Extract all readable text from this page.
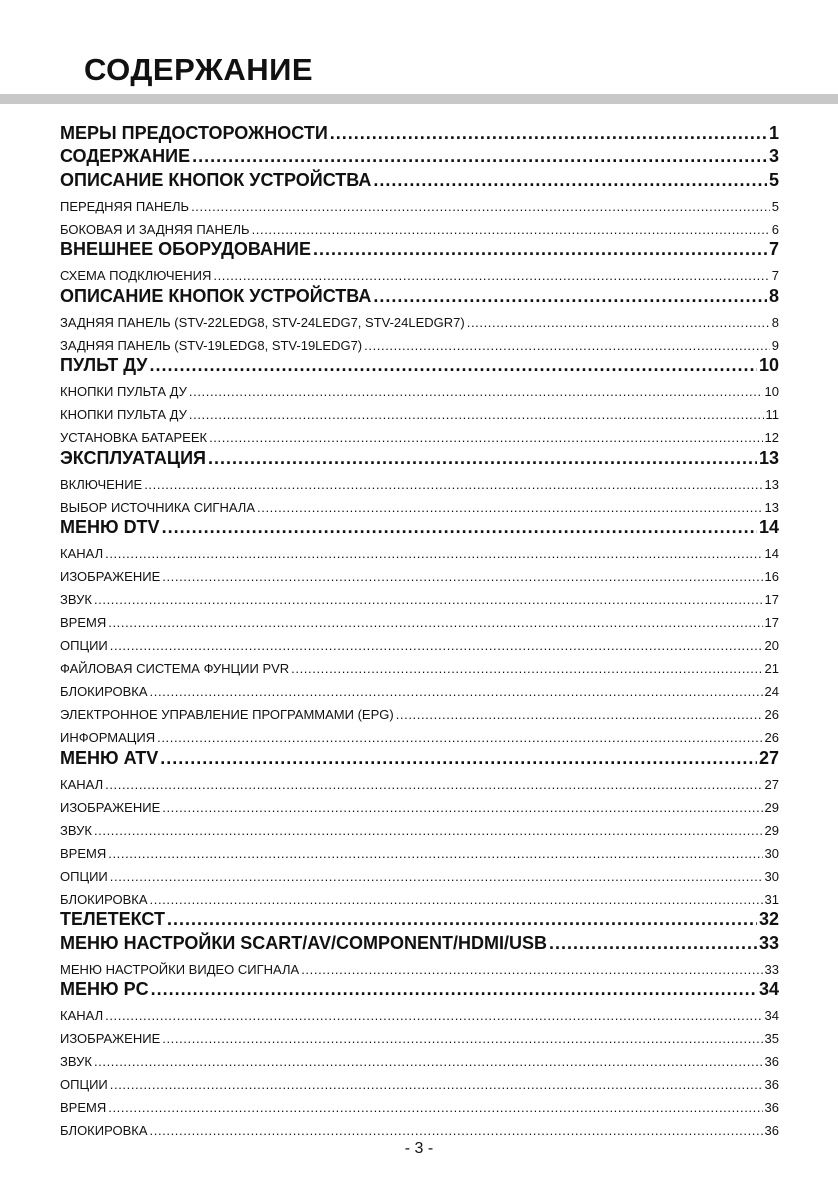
СОДЕРЖАНИЕ
МЕРЫ ПРЕДОСТОРОЖНОСТИ .....	1
СОДЕРЖАНИЕ .....	3
ОПИСАНИЕ КНОПОК УСТРОЙСТВА .....	5
ПЕРЕДНЯЯ ПАНЕЛЬ .....	5
БОКОВАЯ И ЗАДНЯЯ ПАНЕЛЬ .....	6
ВНЕШНЕЕ ОБОРУДОВАНИЕ .....	7
СХЕМА ПОДКЛЮЧЕНИЯ .....	7
ОПИСАНИЕ КНОПОК УСТРОЙСТВА .....	8
ЗАДНЯЯ ПАНЕЛЬ (STV-22LEDG8, STV-24LEDG7, STV-24LEDGR7) .....	8
ЗАДНЯЯ ПАНЕЛЬ (STV-19LEDG8, STV-19LEDG7) .....	9
ПУЛЬТ ДУ .....	10
КНОПКИ ПУЛЬТА ДУ .....	10
КНОПКИ ПУЛЬТА ДУ .....	11
УСТАНОВКА БАТАРЕЕК .....	12
ЭКСПЛУАТАЦИЯ .....	13
ВКЛЮЧЕНИЕ .....	13
ВЫБОР ИСТОЧНИКА СИГНАЛА .....	13
МЕНЮ DTV .....	14
КАНАЛ .....	14
ИЗОБРАЖЕНИЕ .....	16
ЗВУК .....	17
ВРЕМЯ .....	17
ОПЦИИ .....	20
ФАЙЛОВАЯ СИСТЕМА ФУНЦИИ PVR .....	21
БЛОКИРОВКА .....	24
ЭЛЕКТРОННОЕ УПРАВЛЕНИЕ ПРОГРАММАМИ (EPG) .....	26
ИНФОРМАЦИЯ .....	26
МЕНЮ ATV .....	27
КАНАЛ .....	27
ИЗОБРАЖЕНИЕ .....	29
ЗВУК .....	29
ВРЕМЯ .....	30
ОПЦИИ .....	30
БЛОКИРОВКА .....	31
ТЕЛЕТЕКСТ .....	32
МЕНЮ НАСТРОЙКИ SCART/AV/COMPONENT/HDMI/USB .....	33
МЕНЮ НАСТРОЙКИ ВИДЕО СИГНАЛА .....	33
МЕНЮ PC .....	34
КАНАЛ .....	34
ИЗОБРАЖЕНИЕ .....	35
ЗВУК .....	36
ОПЦИИ .....	36
ВРЕМЯ .....	36
БЛОКИРОВКА .....	36
- 3 -
